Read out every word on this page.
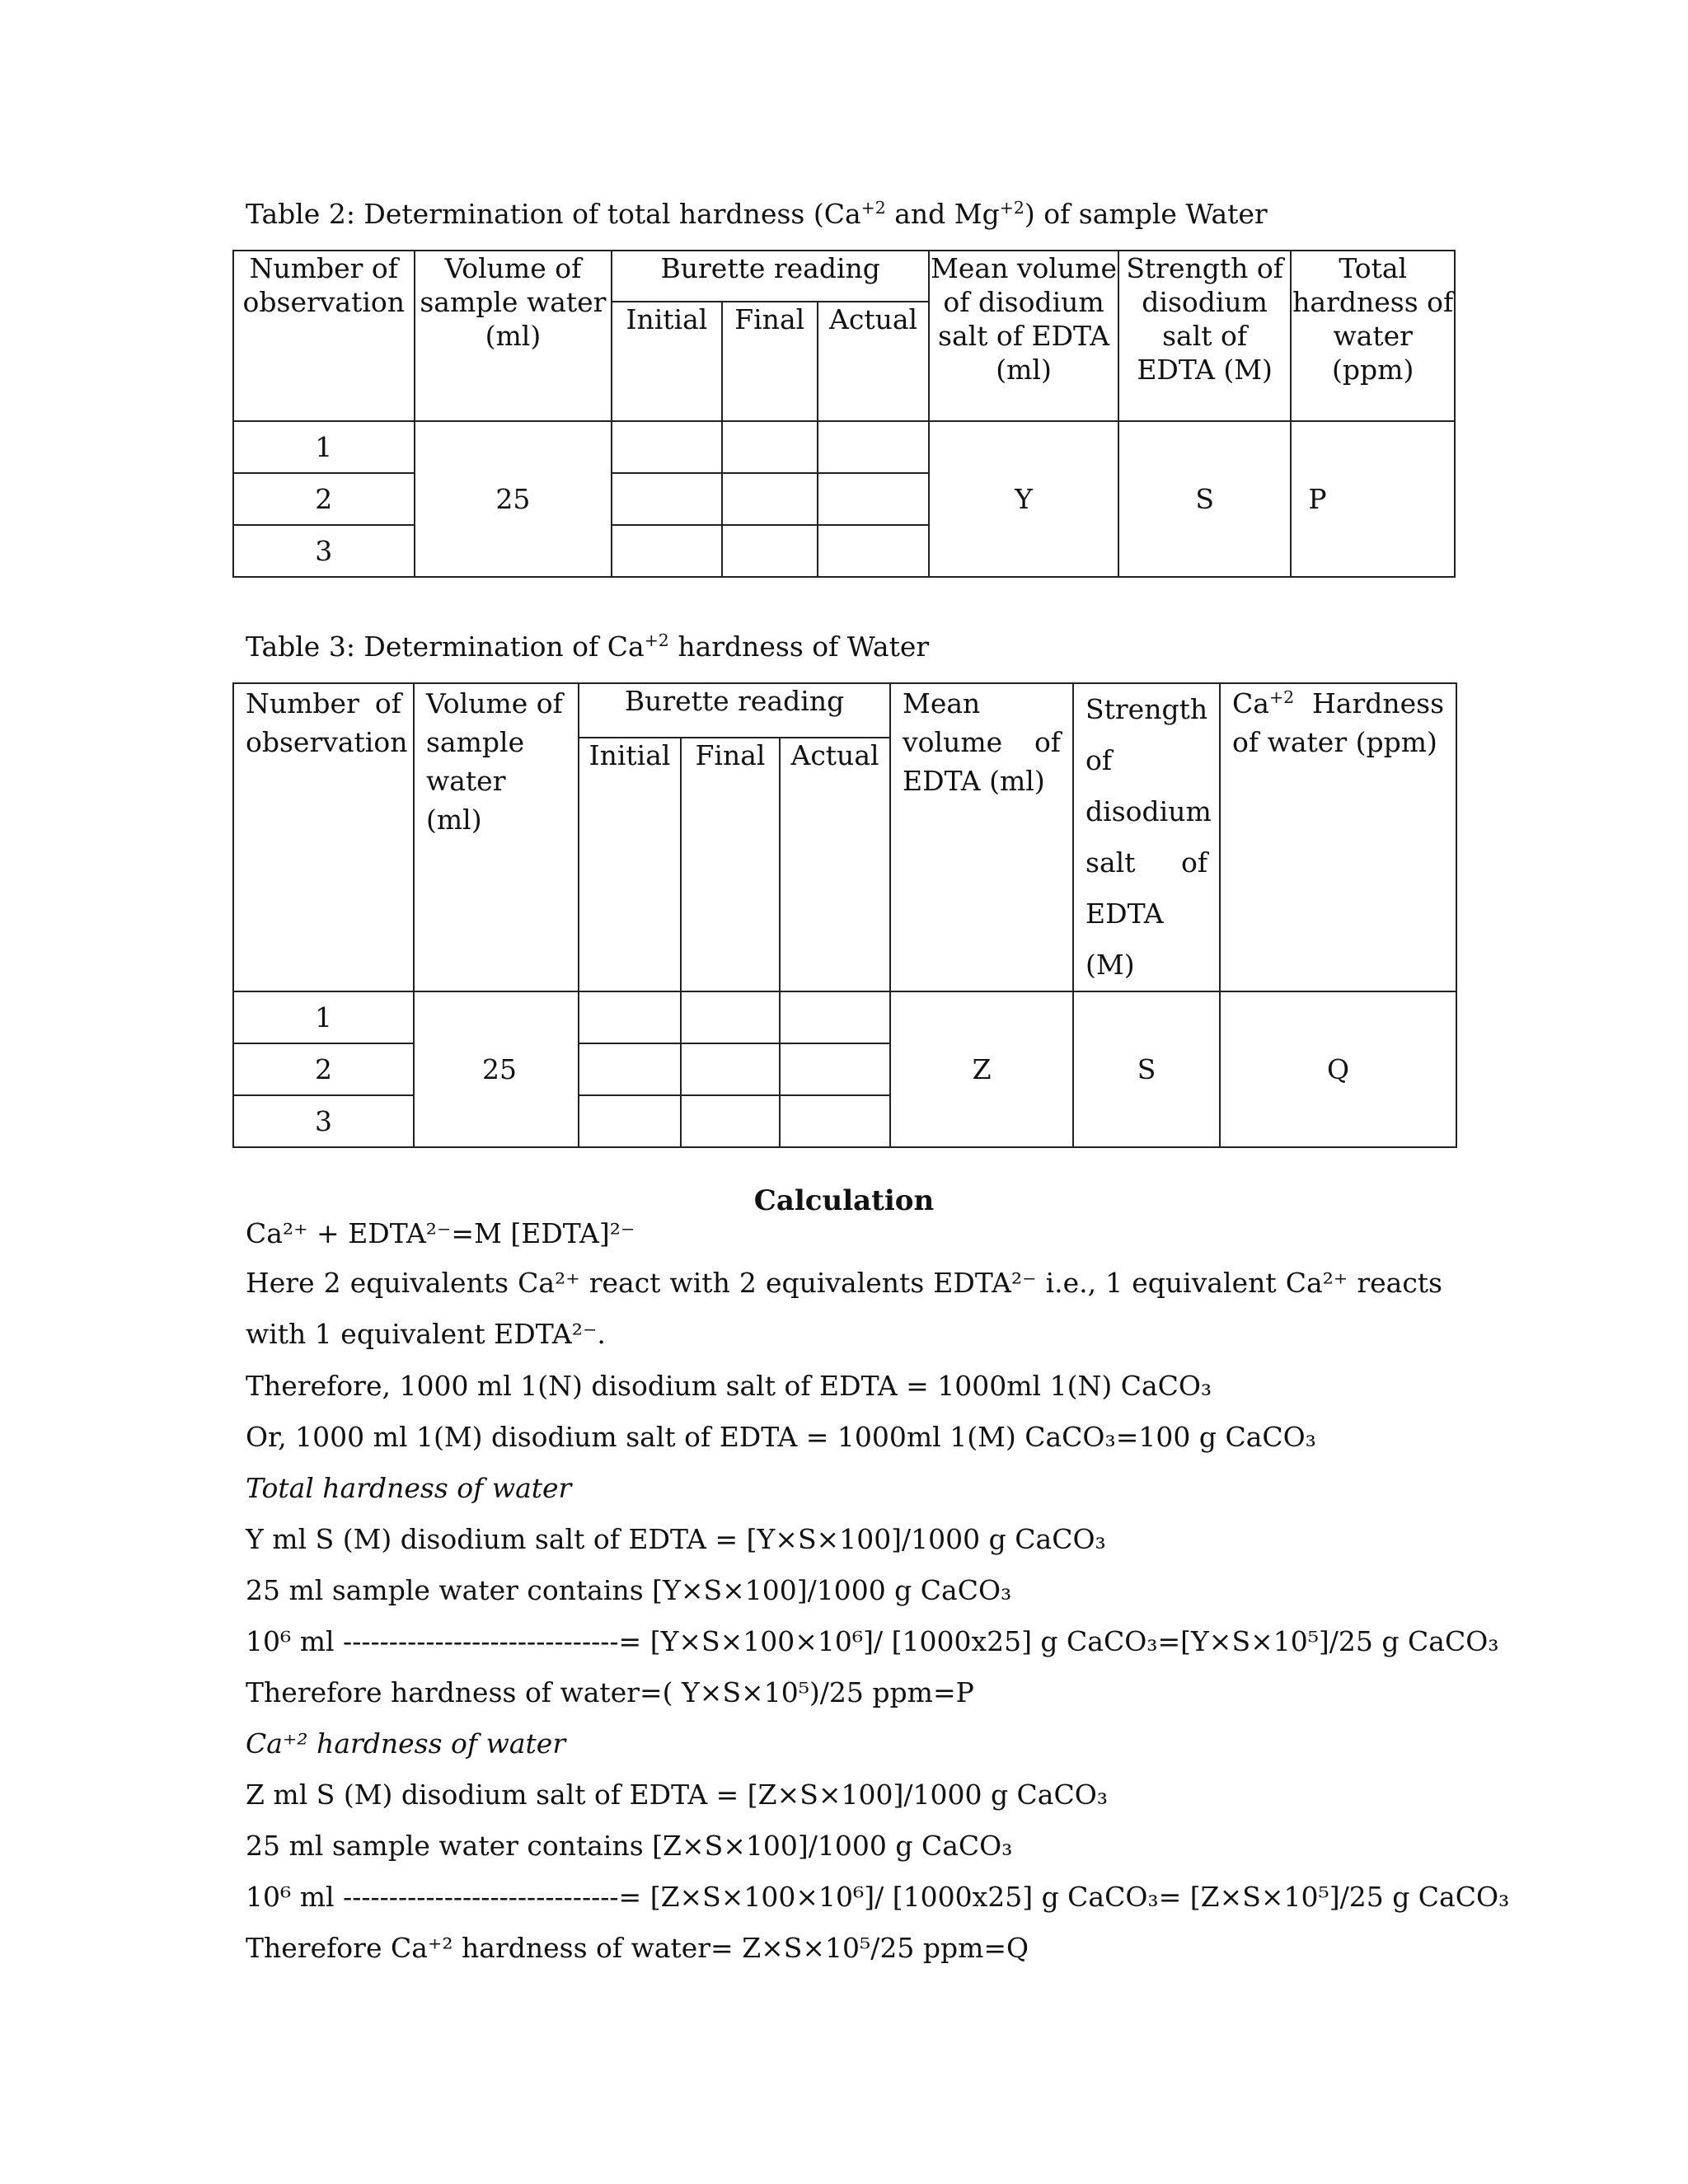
Table 2: Determination of total hardness ($Ca^{+2}$ and $Mg^{+2}$) of sample Water
Number of observation	Volume of sample water (ml)	Burette reading			Mean volume of disodium salt of EDTA (ml)	Strength of disodium salt of EDTA (M)	Total hardness of water (ppm)
		Initial	Final	Actual			
1	25				Y	S	P
2							
3							
Table 3: Determination of $Ca^{+2}$ hardness of Water
Number of observation	Volume of sample water (ml)	Burette reading			Mean volume of EDTA (ml)	Strength of disodium salt of EDTA (M)	$Ca^{+2}$ Hardness of water (ppm)
		Initial	Final	Actual			
1	25				Z	S	Q
2							
3							
Calculation
Ca²⁺ + EDTA²⁻=M [EDTA]²⁻
Here 2 equivalents Ca²⁺ react with 2 equivalents EDTA²⁻ i.e., 1 equivalent Ca²⁺ reacts with 1 equivalent EDTA²⁻.
Therefore, 1000 ml 1(N) disodium salt of EDTA = 1000ml 1(N) CaCO₃
Or, 1000 ml 1(M) disodium salt of EDTA = 1000ml 1(M) CaCO₃=100 g CaCO₃
Total hardness of water
Y ml S (M) disodium salt of EDTA = [Y×S×100]/1000 g CaCO₃
25 ml sample water contains [Y×S×100]/1000 g CaCO₃
10⁶ ml ------------------------------= [Y×S×100×10⁶]/ [1000x25] g CaCO₃=[Y×S×10⁵]/25 g CaCO₃
Therefore hardness of water=( Y×S×10⁵)/25 ppm=P
Ca⁺² hardness of water
Z ml S (M) disodium salt of EDTA = [Z×S×100]/1000 g CaCO₃
25 ml sample water contains [Z×S×100]/1000 g CaCO₃
10⁶ ml ------------------------------= [Z×S×100×10⁶]/ [1000x25] g CaCO₃= [Z×S×10⁵]/25 g CaCO₃
Therefore Ca⁺² hardness of water= Z×S×10⁵/25 ppm=Q
